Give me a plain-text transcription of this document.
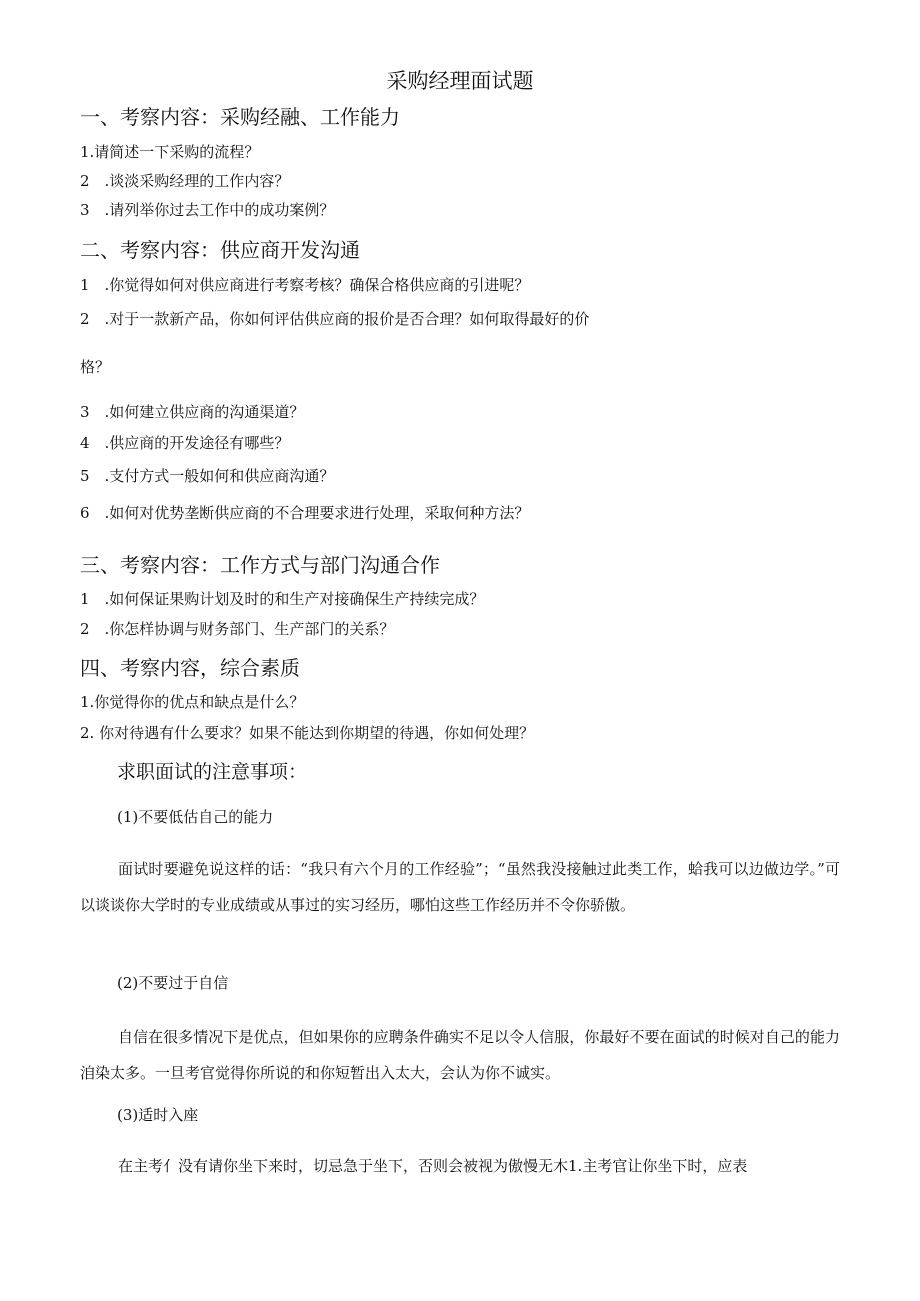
采购经理面试题
一、考察内容：采购经融、工作能力
1.请简述一下采购的流程？
2　.谈淡采购经理的工作内容？
3　.请列举你过去工作中的成功案例？
二、考察内容：供应商开发沟通
1　.你觉得如何对供应商进行考察考核？确保合格供应商的引进呢？
2　.对于一款新产品，你如何评估供应商的报价是否合理？如何取得最好的价
格？
3　.如何建立供应商的沟通渠道？
4　.供应商的开发途径有哪些？
5　.支付方式一般如何和供应商沟通？
6　.如何对优势垄断供应商的不合理要求进行处理，采取何种方法？
三、考察内容：工作方式与部门沟通合作
1　.如何保证果购计划及时的和生产对接确保生产持续完成？
2　.你怎样协调与财务部门、生产部门的关系？
四、考察内容，综合素质
1.你觉得你的优点和缺点是什么？
2. 你对待遇有什么要求？如果不能达到你期望的待遇，你如何处理？
求职面试的注意事项：
(1)不要低估自己的能力
面试时要避免说这样的话：“我只有六个月的工作经验”；“虽然我没接触过此类工作，蛤我可以边做边学。”可以谈谈你大学时的专业成绩或从事过的实习经历，哪怕这些工作经历并不令你骄傲。
(2)不要过于自信
自信在很多情况下是优点，但如果你的应聘条件确实不足以令人信服，你最好不要在面试的时候对自己的能力洎染太多。一旦考官觉得你所说的和你短暂出入太大，会认为你不诚实。
(3)适时入座
在主考亻没有请你坐下来时，切忌急于坐下，否则会被视为傲慢无木1.主考官让你坐下时，应表
